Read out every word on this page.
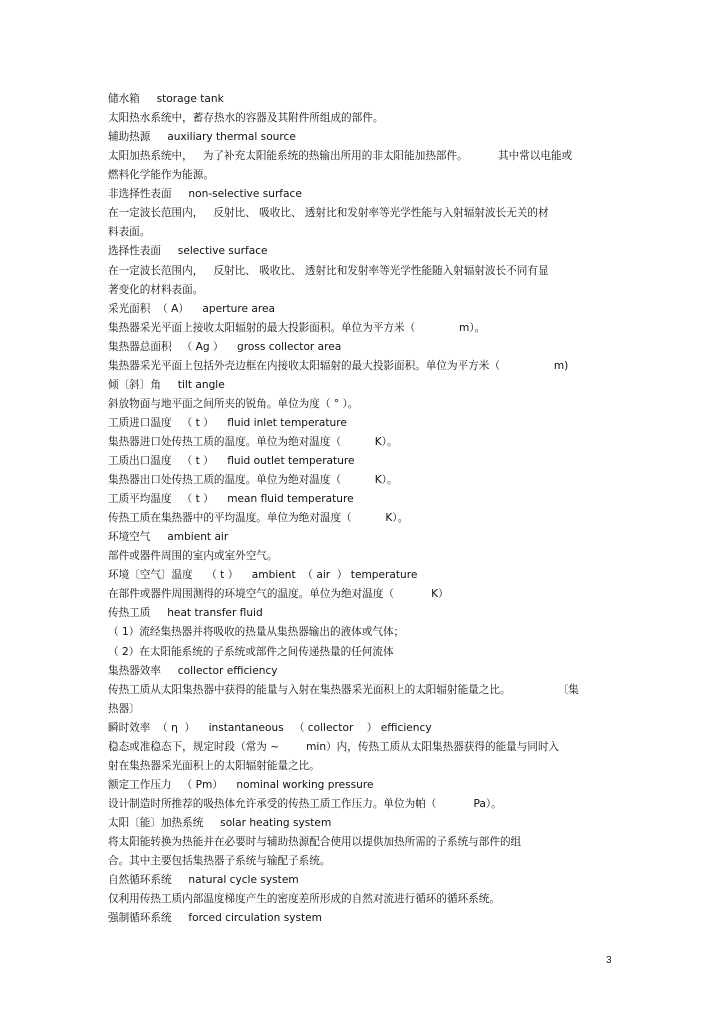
储水箱     storage tank
太阳热水系统中，蓄存热水的容器及其附件所组成的部件。
辅助热源     auxiliary thermal source
太阳加热系统中，   为了补充太阳能系统的热输出所用的非太阳能加热部件。         其中常以电能或
燃料化学能作为能源。
非选择性表面     non-selective surface
在一定波长范围内，   反射比、 吸收比、 透射比和发射率等光学性能与入射辐射波长无关的材
料表面。
选择性表面     selective surface
在一定波长范围内，   反射比、 吸收比、 透射比和发射率等光学性能随入射辐射波长不同有显
著变化的材料表面。
采光面积  （ A）    aperture area
集热器采光平面上接收太阳辐射的最大投影面积。单位为平方米（             m）。
集热器总面积   （ Ag ）    gross collector area
集热器采光平面上包括外壳边框在内接收太阳辐射的最大投影面积。单位为平方米（                m)
倾〔斜〕角     tilt angle
斜放物面与地平面之间所夹的锐角。单位为度（ ° ）。
工质进口温度   （ t ）    fluid inlet temperature
集热器进口处传热工质的温度。单位为绝对温度（          K）。
工质出口温度   （ t ）    fluid outlet temperature
集热器出口处传热工质的温度。单位为绝对温度（          K）。
工质平均温度   （ t ）    mean fluid temperature
传热工质在集热器中的平均温度。单位为绝对温度（          K）。
环境空气     ambient air
部件或器件周围的室内或室外空气。
环境〔空气〕温度    （ t ）    ambient  （ air  ） temperature
在部件或器件周围测得的环境空气的温度。单位为绝对温度（           K）
传热工质     heat transfer fluid
（ 1）流经集热器并将吸收的热量从集热器输出的液体或气体；
（ 2）在太阳能系统的子系统或部件之间传递热量的任何流体
集热器效率     collector efficiency
传热工质从太阳集热器中获得的能量与入射在集热器采光面积上的太阳辐射能量之比。              〔集
热器〕
瞬时效率  （ η  ）    instantaneous   （ collector    ） efficiency
稳态或准稳态下，规定时段（常为 ~        min）内，传热工质从太阳集热器获得的能量与同时入
射在集热器采光面积上的太阳辐射能量之比。
额定工作压力   （ Pm）    nominal working pressure
设计制造时所推荐的吸热体允许承受的传热工质工作压力。单位为帕（           Pa）。
太阳〔能〕加热系统     solar heating system
将太阳能转换为热能并在必要时与辅助热源配合使用以提供加热所需的子系统与部件的组
合。其中主要包括集热器子系统与输配子系统。
自然循环系统     natural cycle system
仅利用传热工质内部温度梯度产生的密度差所形成的自然对流进行循环的循环系统。
强制循环系统     forced circulation system
3
